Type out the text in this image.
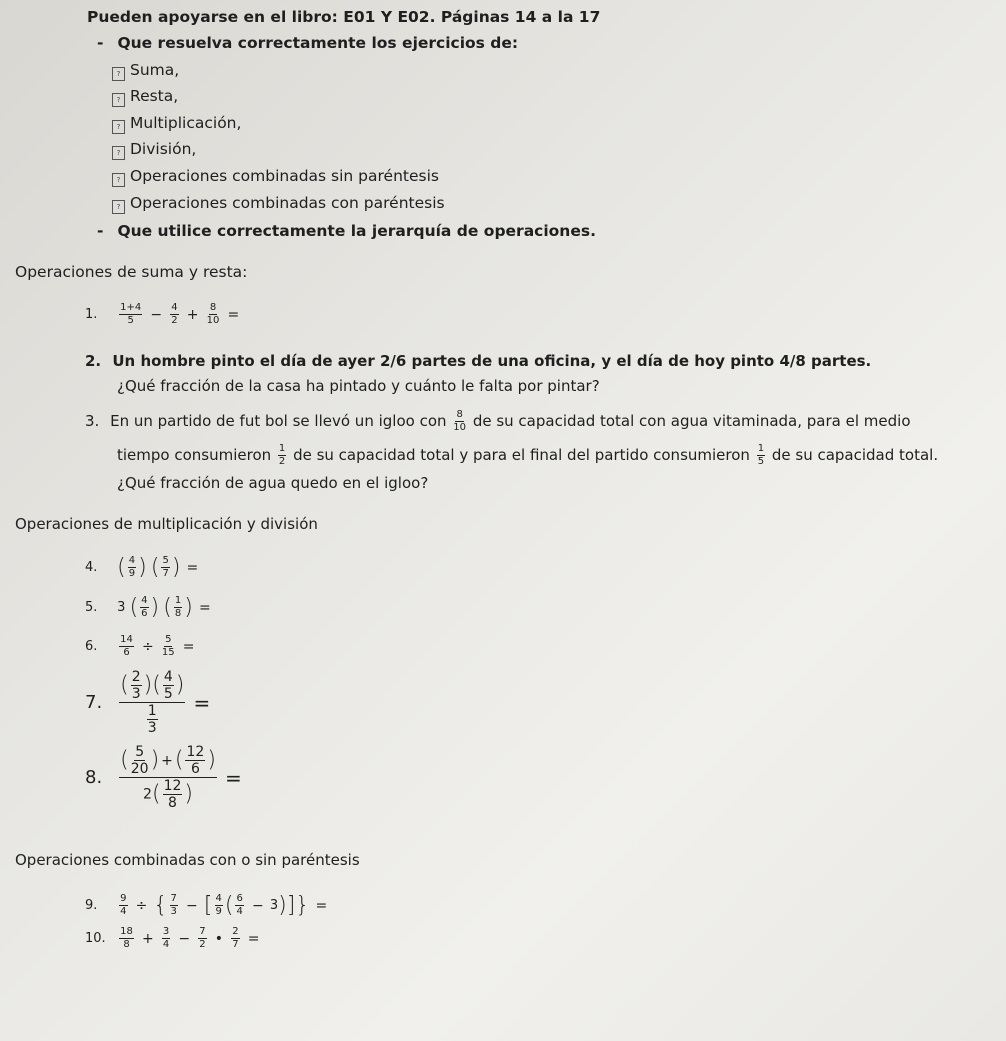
Pueden apoyarse en el libro: E01 Y E02. Páginas 14 a la 17
- Que resuelva correctamente los ejercicios de:
? Suma,
? Resta,
? Multiplicación,
? División,
? Operaciones combinadas sin paréntesis
? Operaciones combinadas con paréntesis
- Que utilice correctamente la jerarquía de operaciones.
Operaciones de suma y resta:
1. $\frac{1+4}{5} - \frac{4}{2} + \frac{8}{10}$ =
2. Un hombre pinto el día de ayer 2/6 partes de una oficina, y el día de hoy pinto 4/8 partes.
¿Qué fracción de la casa ha pintado y cuánto le falta por pintar?
3. En un partido de fut bol se llevó un igloo con $\frac{8}{10}$ de su capacidad total con agua vitaminada, para el medio
tiempo consumieron $\frac{1}{2}$ de su capacidad total y para el final del partido consumieron $\frac{1}{5}$ de su capacidad total.
¿Qué fracción de agua quedo en el igloo?
Operaciones de multiplicación y división
4. ( $\frac{4}{9}$ ) ( $\frac{5}{7}$ ) =
5. 3 ( $\frac{4}{6}$ ) ( $\frac{1}{8}$ ) =
6. $\frac{14}{6} \div \frac{5}{15}$ =
7. $\frac{( \frac{2}{3} )( \frac{4}{5} )}{\frac{1}{3}}$ =
8. $\frac{( \frac{5}{20} ) +( \frac{12}{6} )}{2( \frac{12}{8} )}$ =
Operaciones combinadas con o sin paréntesis
9. $\frac{9}{4}$ ÷ { $\frac{7}{3}$ − [ $\frac{4}{9}$ ( $\frac{6}{4} - 3$)]} =
10. $\frac{18}{8} + \frac{3}{4} - \frac{7}{2}$ • $\frac{2}{7}$ =
